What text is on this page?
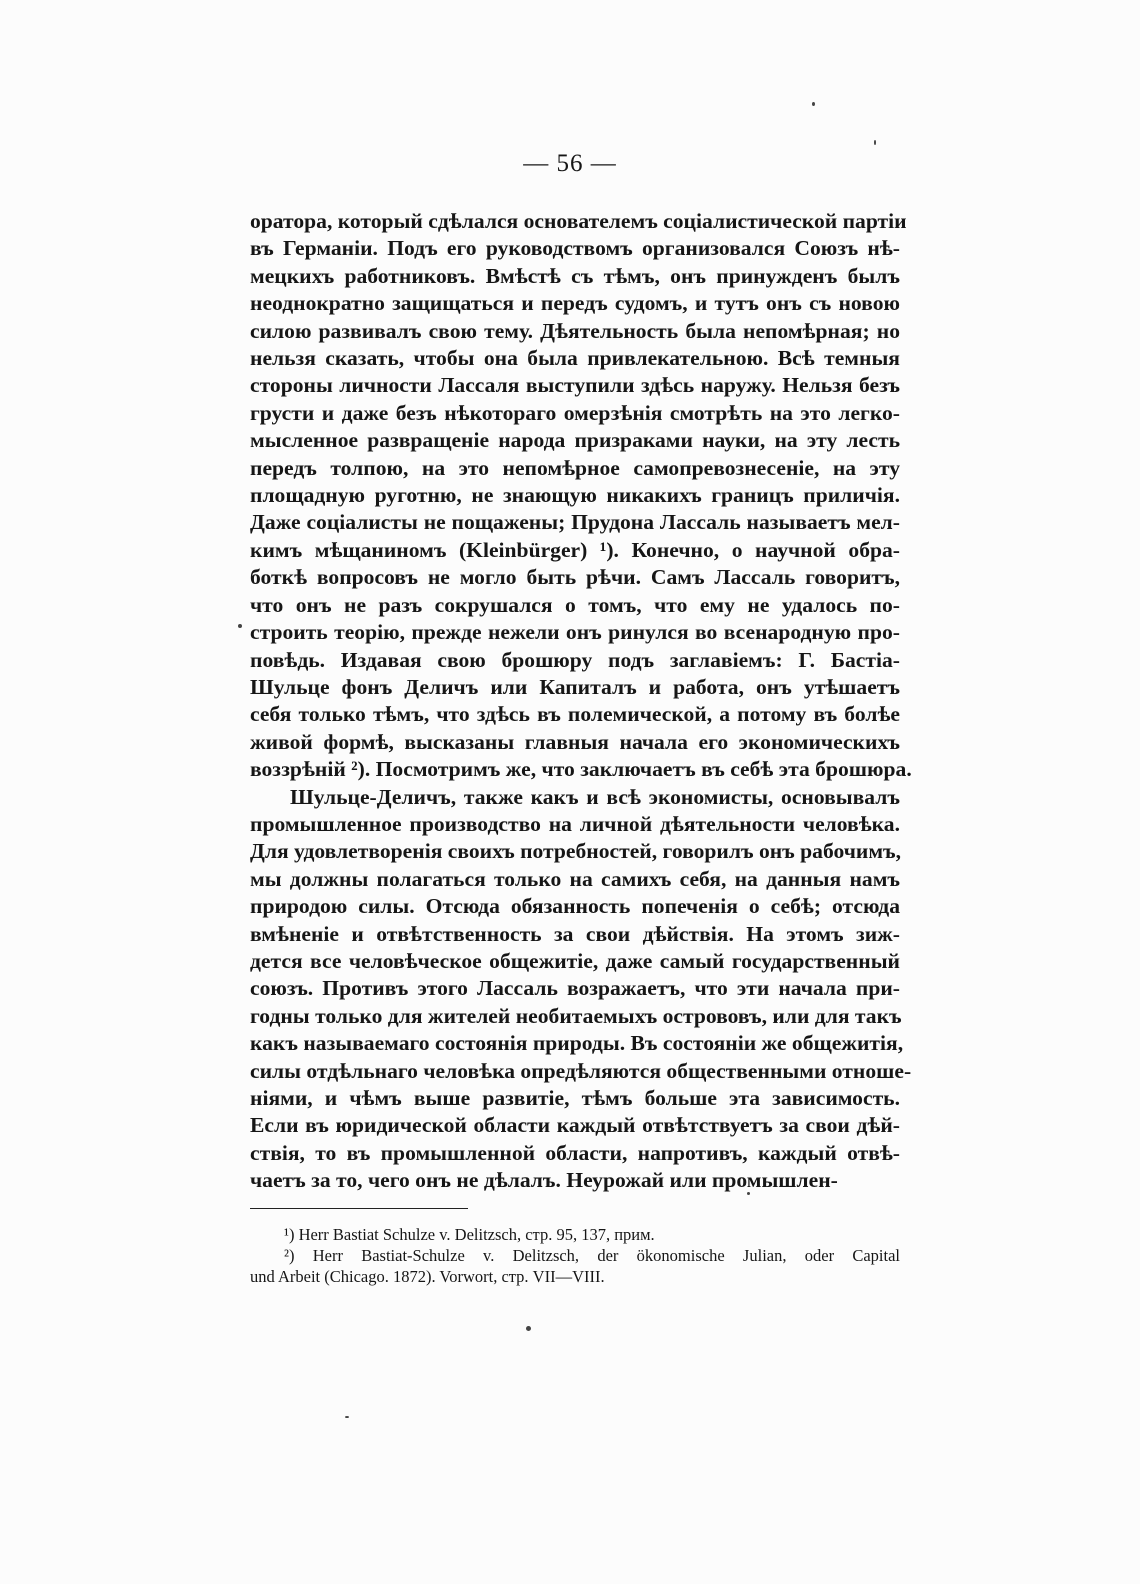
— 56 —
оратора, который сдѣлался основателемъ соціалистической партіи
въ Германіи. Подъ его руководствомъ организовался Союзъ нѣ-
мецкихъ работниковъ. Вмѣстѣ съ тѣмъ, онъ принужденъ былъ
неоднократно защищаться и передъ судомъ, и тутъ онъ съ новою
силою развивалъ свою тему. Дѣятельность была непомѣрная; но
нельзя сказать, чтобы она была привлекательною. Всѣ темныя
стороны личности Лассаля выступили здѣсь наружу. Нельзя безъ
грусти и даже безъ нѣкотораго омерзѣнія смотрѣть на это легко-
мысленное развращеніе народа призраками науки, на эту лесть
передъ толпою, на это непомѣрное самопревознесеніе, на эту
площадную руготню, не знающую никакихъ границъ приличія.
Даже соціалисты не пощажены; Прудона Лассаль называетъ мел-
кимъ мѣщаниномъ (Kleinbürger) ¹). Конечно, о научной обра-
боткѣ вопросовъ не могло быть рѣчи. Самъ Лассаль говоритъ,
что онъ не разъ сокрушался о томъ, что ему не удалось по-
строить теорію, прежде нежели онъ ринулся во всенародную про-
повѣдь. Издавая свою брошюру подъ заглавіемъ: Г. Бастіа-
Шульце фонъ Деличъ или Капиталъ и работа, онъ утѣшаетъ
себя только тѣмъ, что здѣсь въ полемической, а потому въ болѣе
живой формѣ, высказаны главныя начала его экономическихъ
воззрѣній ²). Посмотримъ же, что заключаетъ въ себѣ эта брошюра.
Шульце-Деличъ, также какъ и всѣ экономисты, основывалъ
промышленное производство на личной дѣятельности человѣка.
Для удовлетворенія своихъ потребностей, говорилъ онъ рабочимъ,
мы должны полагаться только на самихъ себя, на данныя намъ
природою силы. Отсюда обязанность попеченія о себѣ; отсюда
вмѣненіе и отвѣтственность за свои дѣйствія. На этомъ зиж-
дется все человѣческое общежитіе, даже самый государственный
союзъ. Противъ этого Лассаль возражаетъ, что эти начала при-
годны только для жителей необитаемыхъ острововъ, или для такъ
какъ называемаго состоянія природы. Въ состояніи же общежитія,
силы отдѣльнаго человѣка опредѣляются общественными отноше-
ніями, и чѣмъ выше развитіе, тѣмъ больше эта зависимость.
Если въ юридической области каждый отвѣтствуетъ за свои дѣй-
ствія, то въ промышленной области, напротивъ, каждый отвѣ-
чаетъ за то, чего онъ не дѣлалъ. Неурожай или промышлен-
¹) Herr Bastiat Schulze v. Delitzsch, стр. 95, 137, прим.
²) Herr Bastiat-Schulze v. Delitzsch, der ökonomische Julian, oder Capital
und Arbeit (Chicago. 1872). Vorwort, стр. VII—VIII.
